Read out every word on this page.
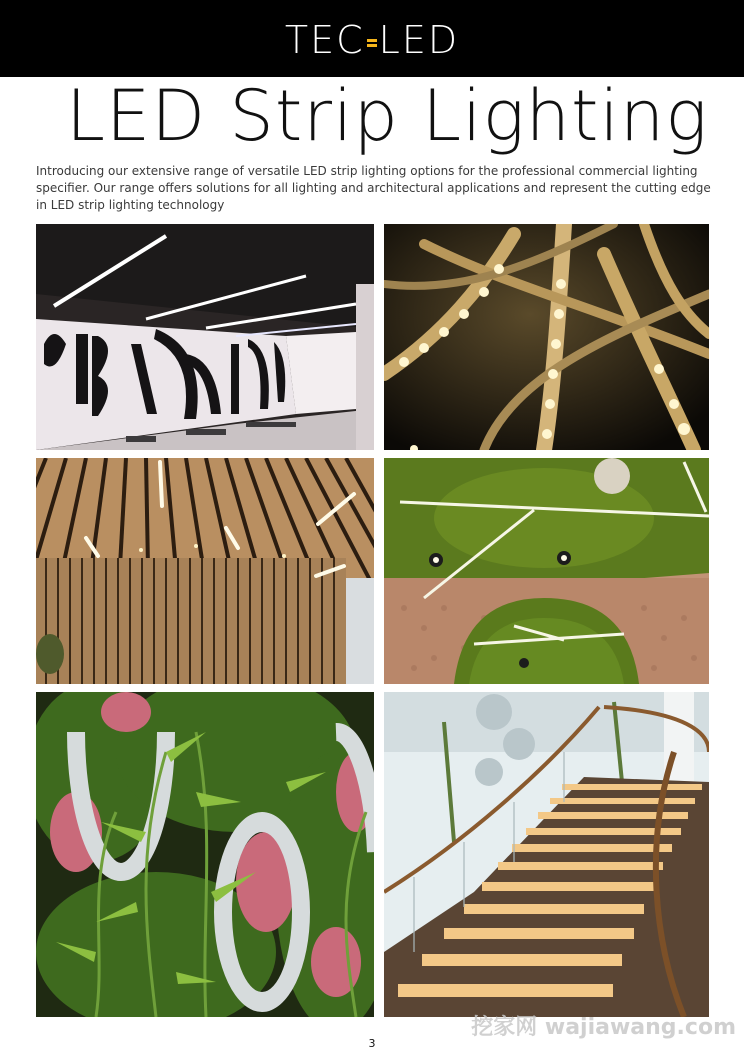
TEC LED
LED Strip Lighting
Introducing our extensive range of versatile LED strip lighting options for the professional commercial lighting specifier. Our range offers solutions for all lighting and architectural applications and represent the cutting edge in LED strip lighting technology
3
挖家网 wajiawang.com
